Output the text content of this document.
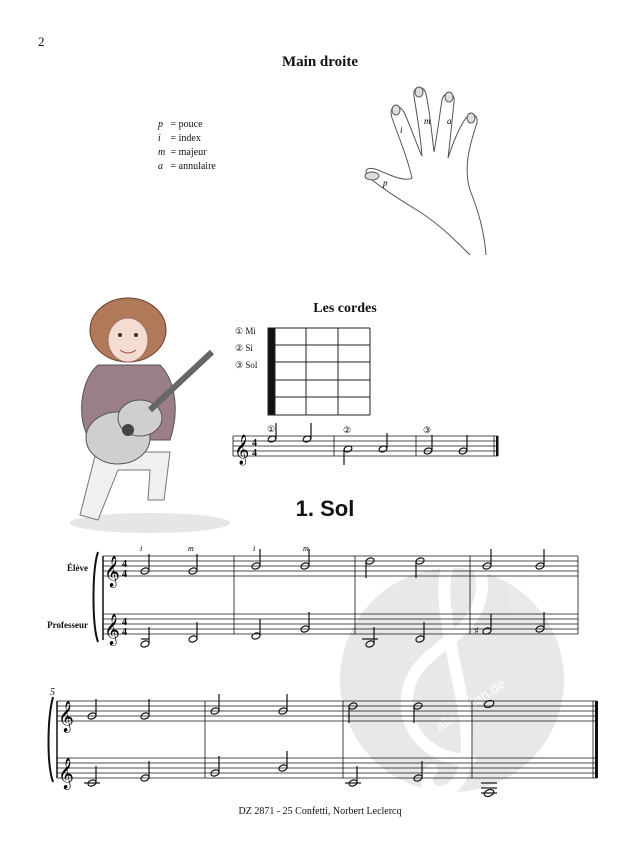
2
Main droite
p = pouce
i = index
m = majeur
a = annulaire
Les cordes
① Mi
② Si
③ Sol
1. Sol
Élève
Professeur
5
DZ 2871 - 25 Confetti, Norbert Leclercq
alle-noten.de
p
i
m a
𝄞 4
4
①	②	③
𝄞
𝄞
4
4
4
4
i	m	i	m
♯
𝄞
𝄞
